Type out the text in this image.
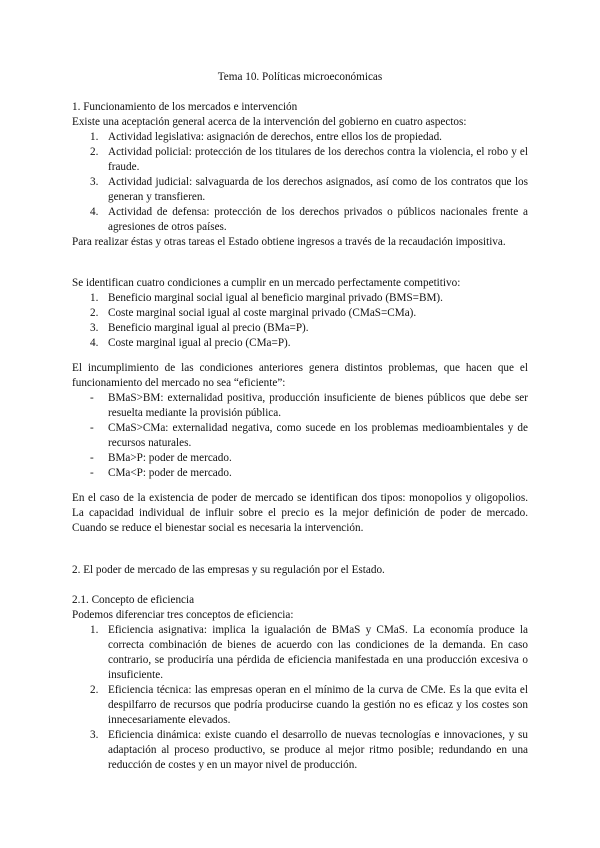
Tema 10. Políticas microeconómicas

1. Funcionamiento de los mercados e intervención

Existe una aceptación general acerca de la intervención del gobierno en cuatro aspectos:

1. Actividad legislativa: asignación de derechos, entre ellos los de propiedad.
2. Actividad policial: protección de los titulares de los derechos contra la violencia, el robo y el fraude.
3. Actividad judicial: salvaguarda de los derechos asignados, así como de los contratos que los generan y transfieren.
4. Actividad de defensa: protección de los derechos privados o públicos nacionales frente a agresiones de otros países.

Para realizar éstas y otras tareas el Estado obtiene ingresos a través de la recaudación impositiva.

Se identifican cuatro condiciones a cumplir en un mercado perfectamente competitivo:

1. Beneficio marginal social igual al beneficio marginal privado (BMS=BM).
2. Coste marginal social igual al coste marginal privado (CMaS=CMa).
3. Beneficio marginal igual al precio (BMa=P).
4. Coste marginal igual al precio (CMa=P).

El incumplimiento de las condiciones anteriores genera distintos problemas, que hacen que el funcionamiento del mercado no sea “eficiente”:

- BMaS>BM: externalidad positiva, producción insuficiente de bienes públicos que debe ser resuelta mediante la provisión pública.
- CMaS>CMa: externalidad negativa, como sucede en los problemas medioambientales y de recursos naturales.
- BMa>P: poder de mercado.
- CMa<P: poder de mercado.

En el caso de la existencia de poder de mercado se identifican dos tipos: monopolios y oligopolios. La capacidad individual de influir sobre el precio es la mejor definición de poder de mercado. Cuando se reduce el bienestar social es necesaria la intervención.

2. El poder de mercado de las empresas y su regulación por el Estado.

2.1. Concepto de eficiencia

Podemos diferenciar tres conceptos de eficiencia:

1. Eficiencia asignativa: implica la igualación de BMaS y CMaS. La economía produce la correcta combinación de bienes de acuerdo con las condiciones de la demanda. En caso contrario, se produciría una pérdida de eficiencia manifestada en una producción excesiva o insuficiente.
2. Eficiencia técnica: las empresas operan en el mínimo de la curva de CMe. Es la que evita el despilfarro de recursos que podría producirse cuando la gestión no es eficaz y los costes son innecesariamente elevados.
3. Eficiencia dinámica: existe cuando el desarrollo de nuevas tecnologías e innovaciones, y su adaptación al proceso productivo, se produce al mejor ritmo posible; redundando en una reducción de costes y en un mayor nivel de producción.
